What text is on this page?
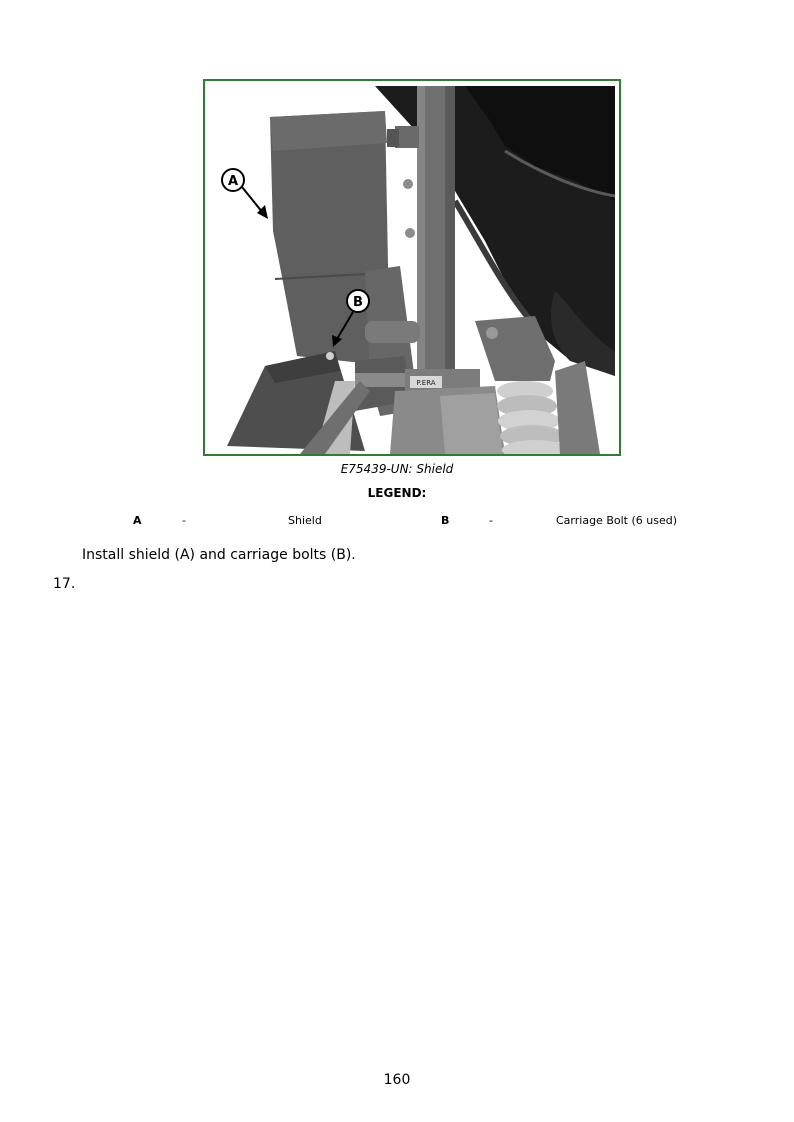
P.ERA
A
B
E75439-UN: Shield
LEGEND:
A	-	Shield	B	-	Carriage Bolt (6 used)
Install shield (A) and carriage bolts (B).
17.
160
